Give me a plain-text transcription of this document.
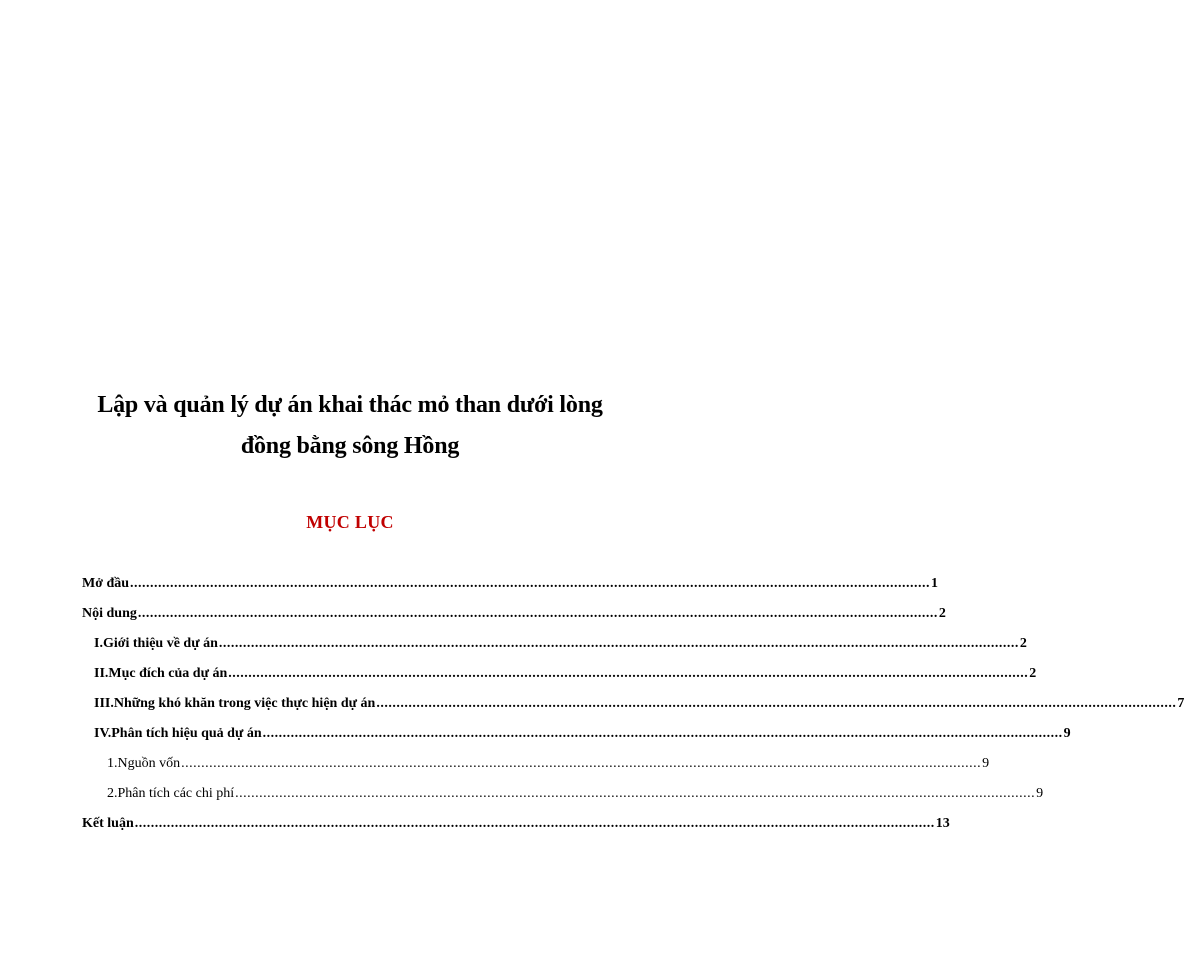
Lập và quản lý dự án khai thác mỏ than dưới lòng
đồng bằng sông Hồng
MỤC LỤC
Mở đầu ........................................................................................................................................................................................................ 1
Nội dung ........................................................................................................................................................................................................ 2
I.Giới thiệu về dự án ........................................................................................................................................................................................................ 2
II.Mục đích của dự án ........................................................................................................................................................................................................ 2
III.Những khó khăn trong việc thực hiện dự án ........................................................................................................................................................................................................ 7
IV.Phân tích hiệu quả dự án ........................................................................................................................................................................................................ 9
1.Nguồn vốn ........................................................................................................................................................................................................ 9
2.Phân tích các chi phí ........................................................................................................................................................................................................ 9
Kết luận ........................................................................................................................................................................................................ 13
